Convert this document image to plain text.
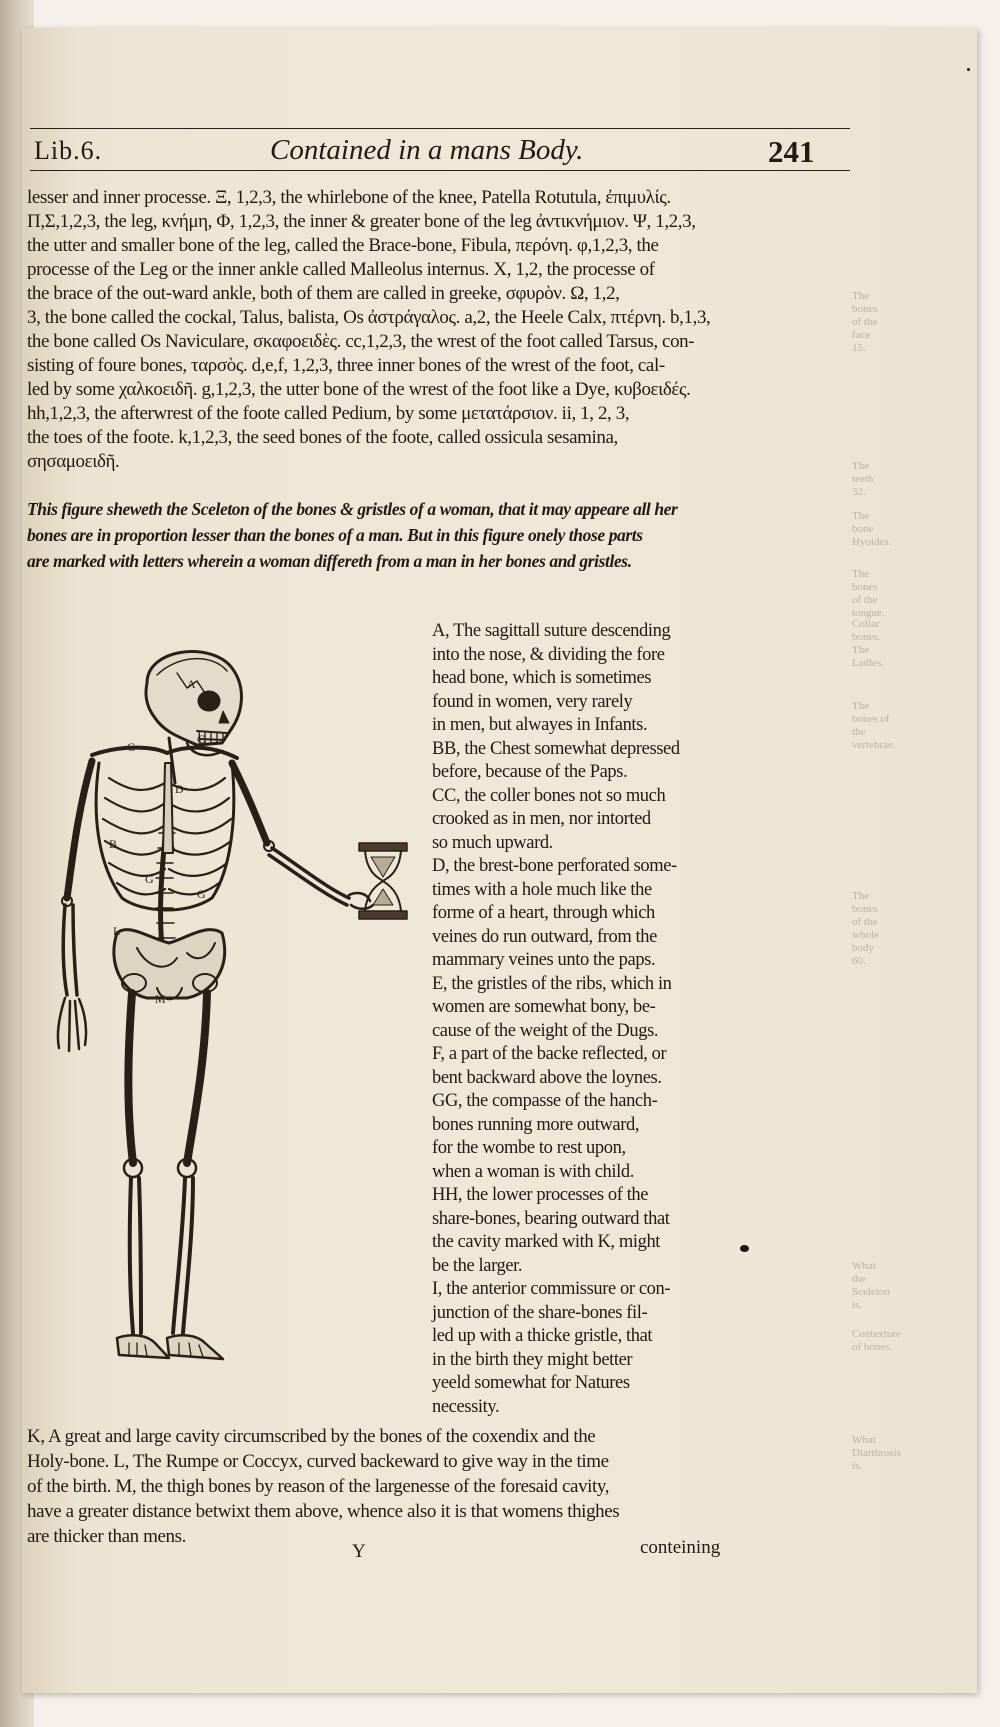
Lib.6.	Contained in a mans Body.	241
The bones of the face 15.
The teeth 32.
The bone Hyoides.
The bones of the tongue.
Collar bones. The Ladles.
The bones of the vertebrae.
The bones of the whole body 60.
What the Sceleton is.
Contexture of bones.
What Diarthrosis is.
lesser and inner processe. Ξ, 1,2,3, the whirlebone of the knee, Patella Rotutula, ἐπιμυλίς.
Π,Σ,1,2,3, the leg, κνήμη, Φ, 1,2,3, the inner & greater bone of the leg ἀντικνήμιον. Ψ, 1,2,3,
the utter and smaller bone of the leg, called the Brace-bone, Fibula, περόνη. φ,1,2,3, the
processe of the Leg or the inner ankle called Malleolus internus. X, 1,2, the processe of
the brace of the out-ward ankle, both of them are called in greeke, σφυρὸν. Ω, 1,2,
3, the bone called the cockal, Talus, balista, Os ἀστράγαλος. a,2, the Heele Calx, πτέρνη. b,1,3,
the bone called Os Naviculare, σκαφοειδὲς. cc,1,2,3, the wrest of the foot called Tarsus, con-
sisting of foure bones, ταρσὸς. d,e,f, 1,2,3, three inner bones of the wrest of the foot, cal-
led by some χαλκοειδῆ. g,1,2,3, the utter bone of the wrest of the foot like a Dye, κυβοειδές.
hh,1,2,3, the afterwrest of the foote called Pedium, by some μετατάρσιον. ii, 1, 2, 3,
the toes of the foote. k,1,2,3, the seed bones of the foote, called ossicula sesamina,
σησαμοειδῆ.
This figure sheweth the Sceleton of the bones & gristles of a woman, that it may appeare all her
bones are in proportion lesser than the bones of a man. But in this figure onely those parts
are marked with letters wherein a woman differeth from a man in her bones and gristles.
A
C
C
D
B
G
G
L
M
A, The sagittall suture descending
into the nose, & dividing the fore
head bone, which is sometimes
found in women, very rarely
in men, but alwayes in Infants.
BB, the Chest somewhat depressed
before, because of the Paps.
CC, the coller bones not so much
crooked as in men, nor intorted
so much upward.
D, the brest-bone perforated some-
times with a hole much like the
forme of a heart, through which
veines do run outward, from the
mammary veines unto the paps.
E, the gristles of the ribs, which in
women are somewhat bony, be-
cause of the weight of the Dugs.
F, a part of the backe reflected, or
bent backward above the loynes.
GG, the compasse of the hanch-
bones running more outward,
for the wombe to rest upon,
when a woman is with child.
HH, the lower processes of the
share-bones, bearing outward that
the cavity marked with K, might
be the larger.
I, the anterior commissure or con-
junction of the share-bones fil-
led up with a thicke gristle, that
in the birth they might better
yeeld somewhat for Natures
necessity.
K, A great and large cavity circumscribed by the bones of the coxendix and the
Holy-bone. L, The Rumpe or Coccyx, curved backeward to give way in the time
of the birth. M, the thigh bones by reason of the largenesse of the foresaid cavity,
have a greater distance betwixt them above, whence also it is that womens thighes
are thicker than mens.
Y	conteining
